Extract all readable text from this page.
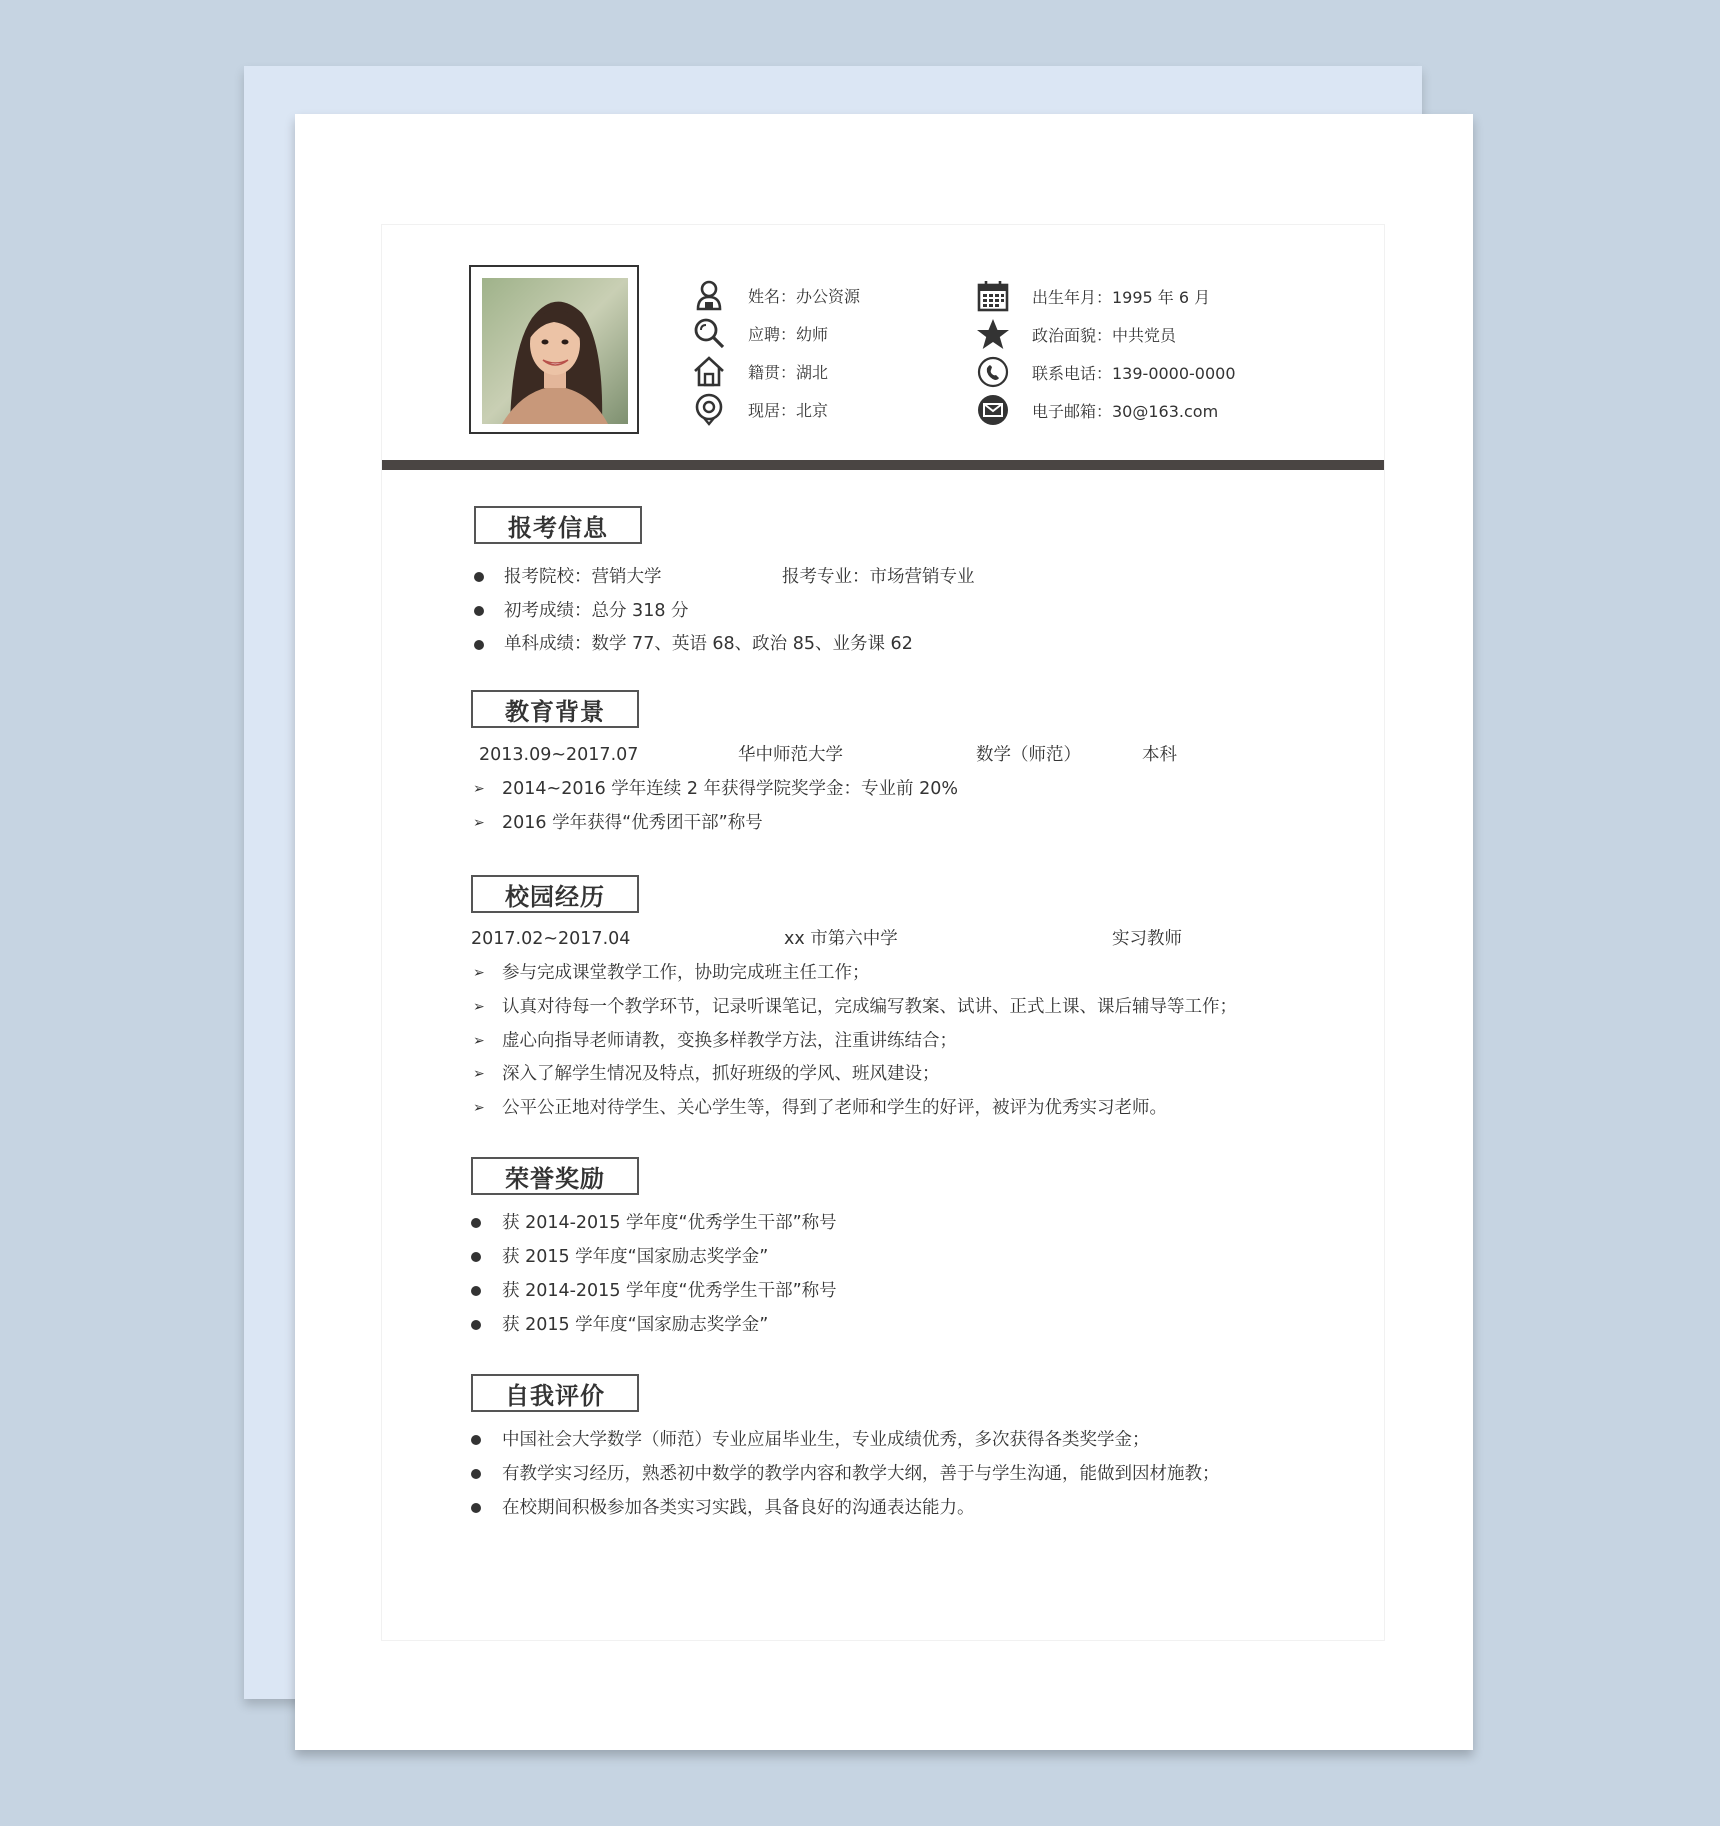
姓名：办公资源
应聘：幼师
籍贯：湖北
现居：北京
出生年月：1995 年 6 月
政治面貌：中共党员
联系电话：139-0000-0000
电子邮箱：30@163.com
报考信息
报考院校：营销大学	报考专业：市场营销专业
初考成绩：总分 318 分
单科成绩：数学 77、英语 68、政治 85、业务课 62
教育背景
2013.09~2017.07	华中师范大学	数学（师范）	本科
➢ 2014~2016 学年连续 2 年获得学院奖学金：专业前 20%
➢ 2016 学年获得“优秀团干部”称号
校园经历
2017.02~2017.04	xx 市第六中学	实习教师
➢ 参与完成课堂教学工作，协助完成班主任工作；
➢ 认真对待每一个教学环节，记录听课笔记，完成编写教案、试讲、正式上课、课后辅导等工作；
➢ 虚心向指导老师请教，变换多样教学方法，注重讲练结合；
➢ 深入了解学生情况及特点，抓好班级的学风、班风建设；
➢ 公平公正地对待学生、关心学生等，得到了老师和学生的好评，被评为优秀实习老师。
荣誉奖励
获 2014-2015 学年度“优秀学生干部”称号
获 2015 学年度“国家励志奖学金”
获 2014-2015 学年度“优秀学生干部”称号
获 2015 学年度“国家励志奖学金”
自我评价
中国社会大学数学（师范）专业应届毕业生，专业成绩优秀，多次获得各类奖学金；
有教学实习经历，熟悉初中数学的教学内容和教学大纲，善于与学生沟通，能做到因材施教；
在校期间积极参加各类实习实践，具备良好的沟通表达能力。
